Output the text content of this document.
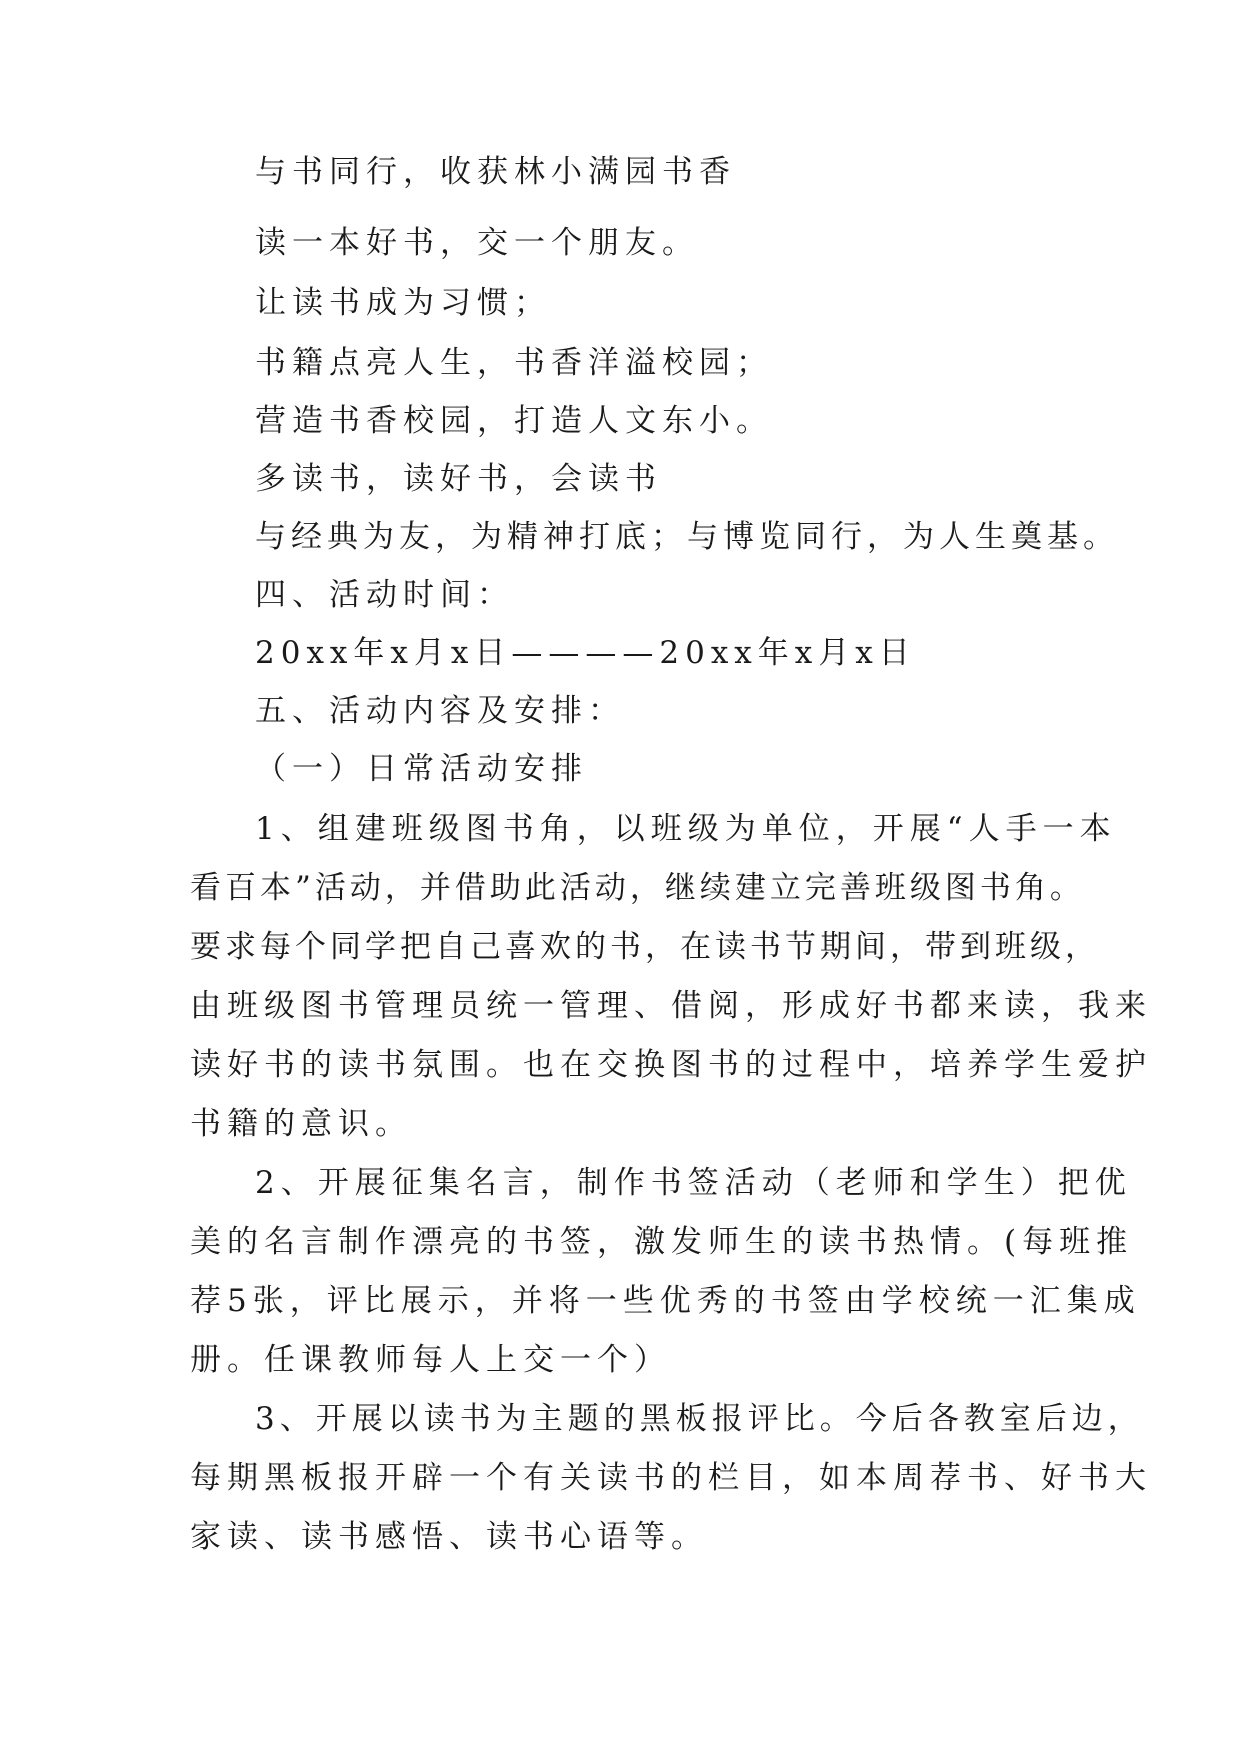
与书同行，收获林小满园书香
读一本好书，交一个朋友。
让读书成为习惯；
书籍点亮人生，书香洋溢校园；
营造书香校园，打造人文东小。
多读书，读好书，会读书
与经典为友，为精神打底；与博览同行，为人生奠基。
四、活动时间：
20xx年x月x日————20xx年x月x日
五、活动内容及安排：
（一）日常活动安排
1、组建班级图书角，以班级为单位，开展“人手一本
看百本”活动，并借助此活动，继续建立完善班级图书角。
要求每个同学把自己喜欢的书，在读书节期间，带到班级，
由班级图书管理员统一管理、借阅，形成好书都来读，我来
读好书的读书氛围。也在交换图书的过程中，培养学生爱护
书籍的意识。
2、开展征集名言，制作书签活动（老师和学生）把优
美的名言制作漂亮的书签，激发师生的读书热情。(每班推
荐5张，评比展示，并将一些优秀的书签由学校统一汇集成
册。任课教师每人上交一个）
3、开展以读书为主题的黑板报评比。今后各教室后边，
每期黑板报开辟一个有关读书的栏目，如本周荐书、好书大
家读、读书感悟、读书心语等。
